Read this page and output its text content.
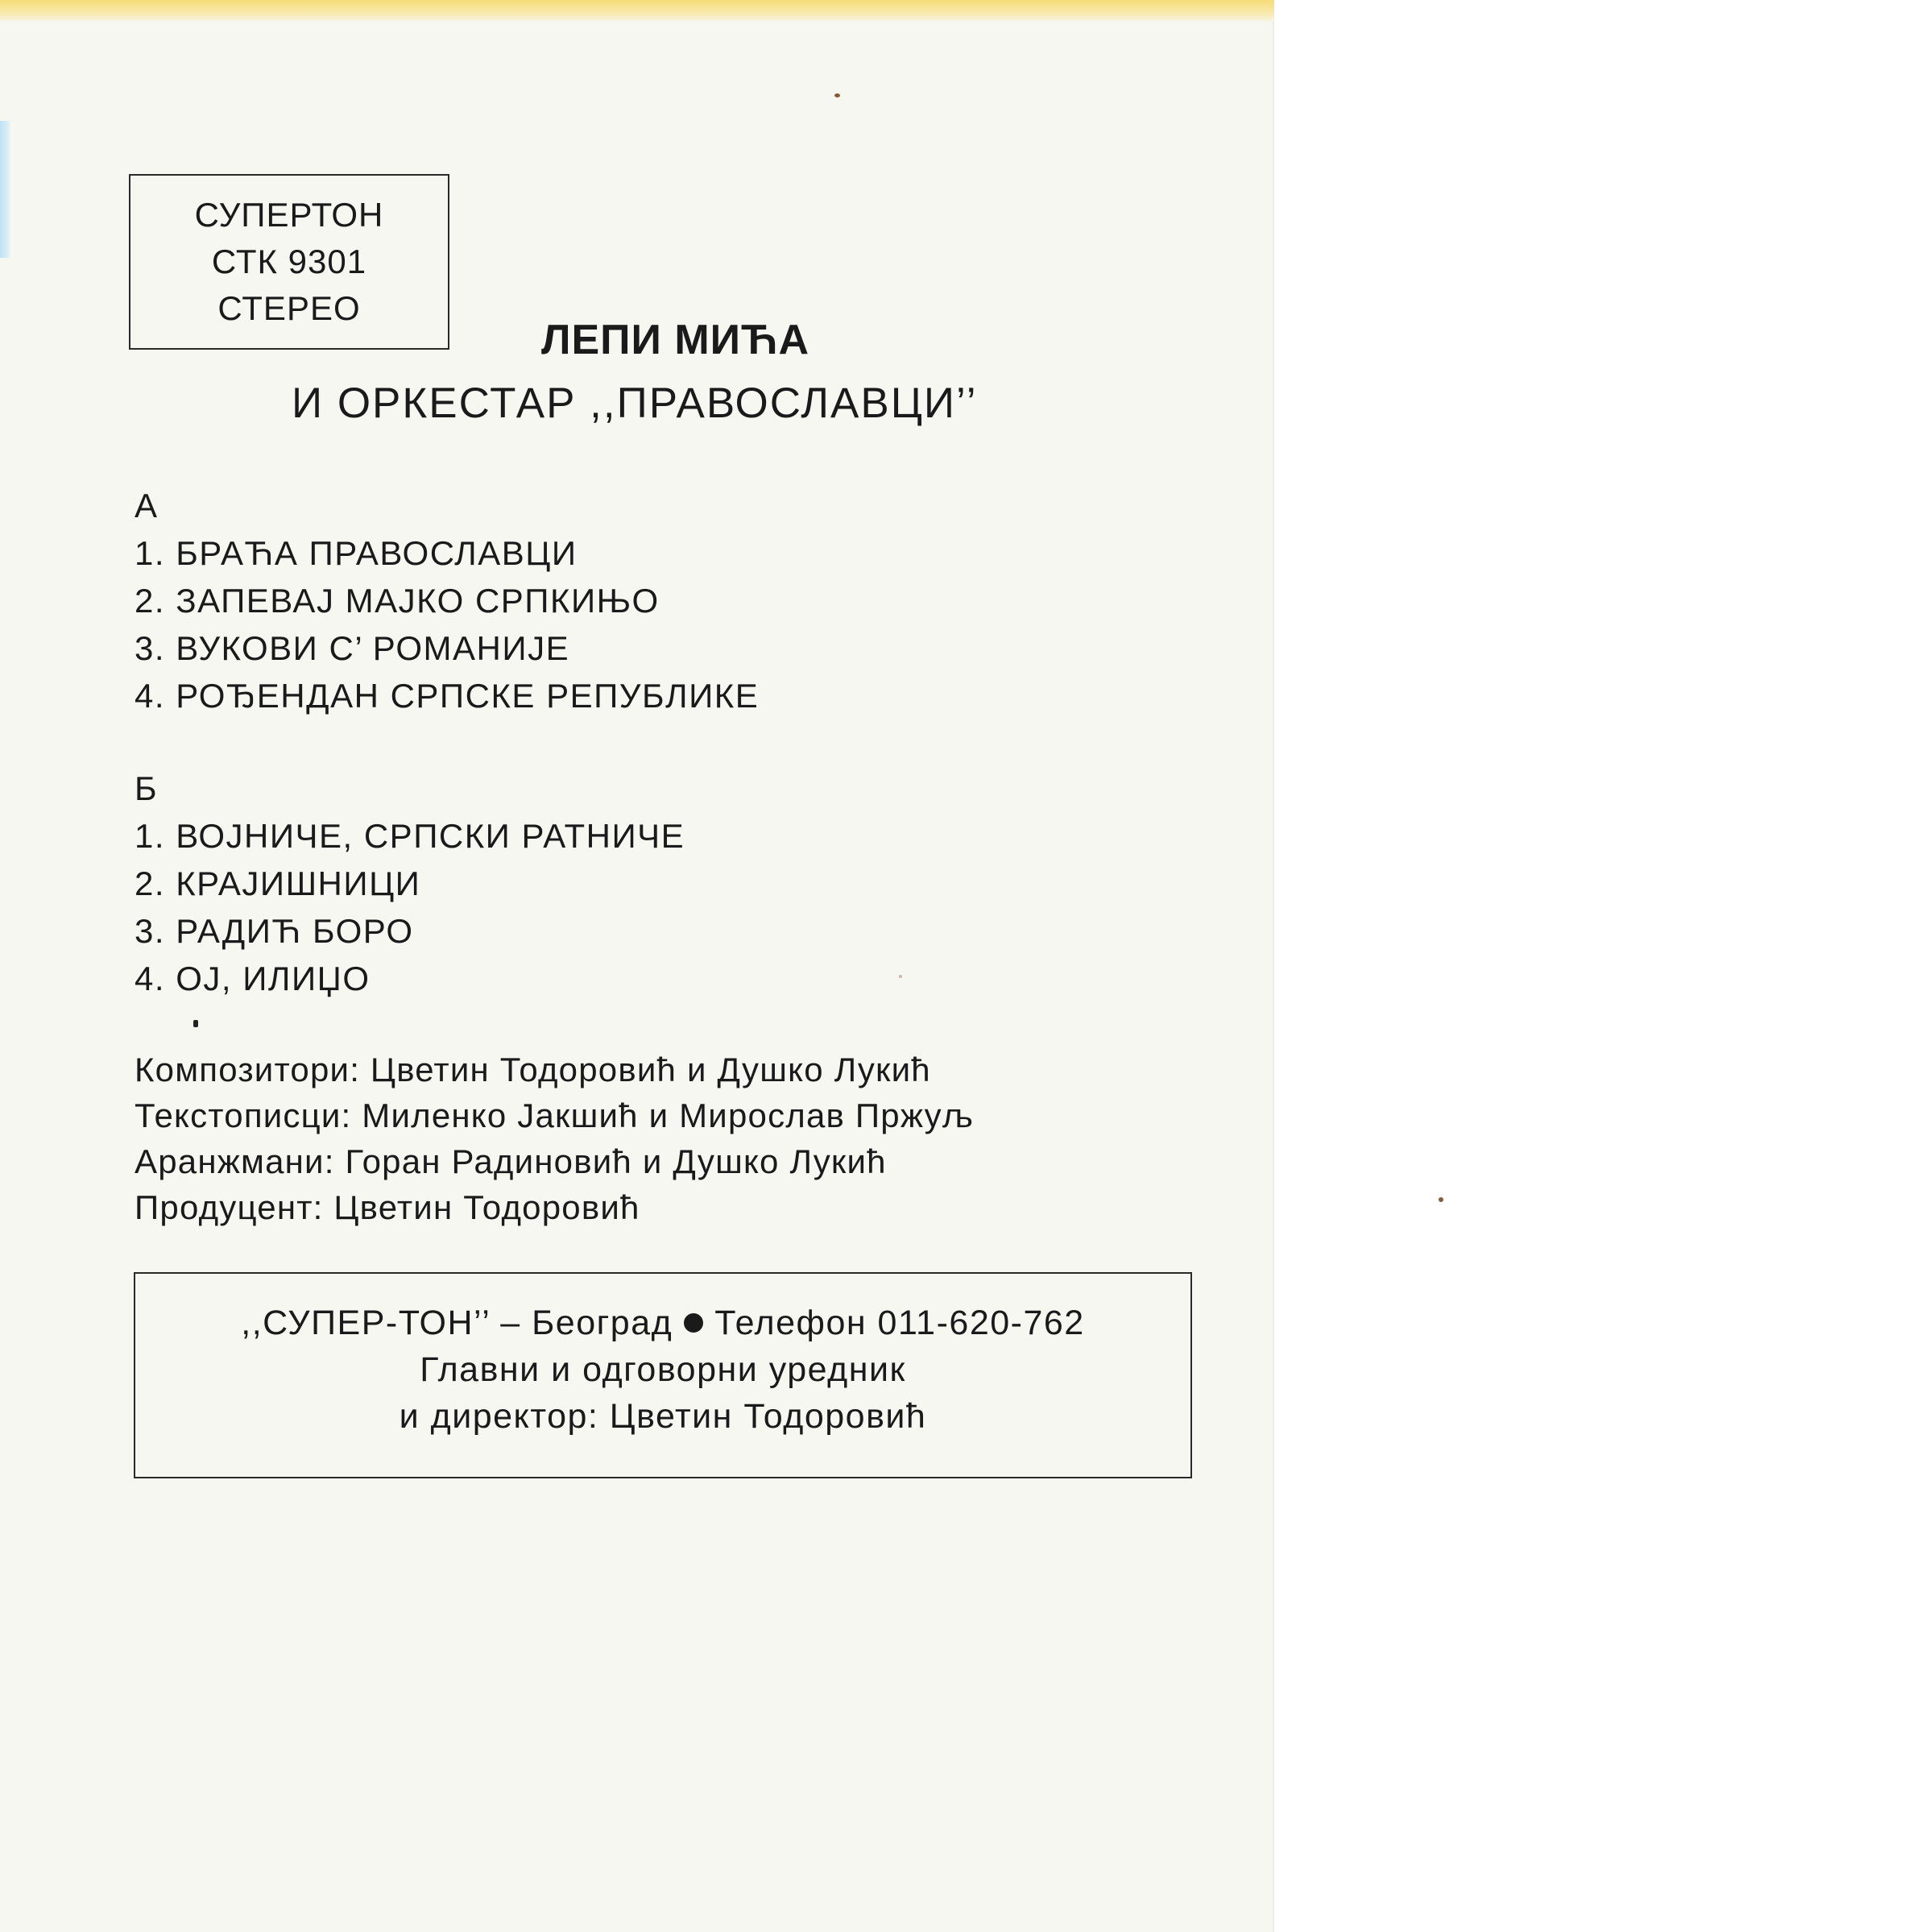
СУПЕРТОН
СТК 9301
СТЕРЕО
ЛЕПИ МИЋА
И ОРКЕСТАР ,,ПРАВОСЛАВЦИ’’
А
1. БРАЋА ПРАВОСЛАВЦИ
2. ЗАПЕВАЈ МАЈКО СРПКИЊО
3. ВУКОВИ С’ РОМАНИЈЕ
4. РОЂЕНДАН СРПСКЕ РЕПУБЛИКЕ
Б
1. ВОЈНИЧЕ, СРПСКИ РАТНИЧЕ
2. КРАЈИШНИЦИ
3. РАДИЋ БОРО
4. ОЈ, ИЛИЏО
Композитори: Цветин Тодоровић и Душко Лукић
Текстописци: Миленко Јакшић и Мирослав Пржуљ
Аранжмани: Горан Радиновић и Душко Лукић
Продуцент: Цветин Тодоровић
,,СУПЕР-ТОН’’ – Београд Телефон 011-620-762
Главни и одговорни уредник
и директор: Цветин Тодоровић
